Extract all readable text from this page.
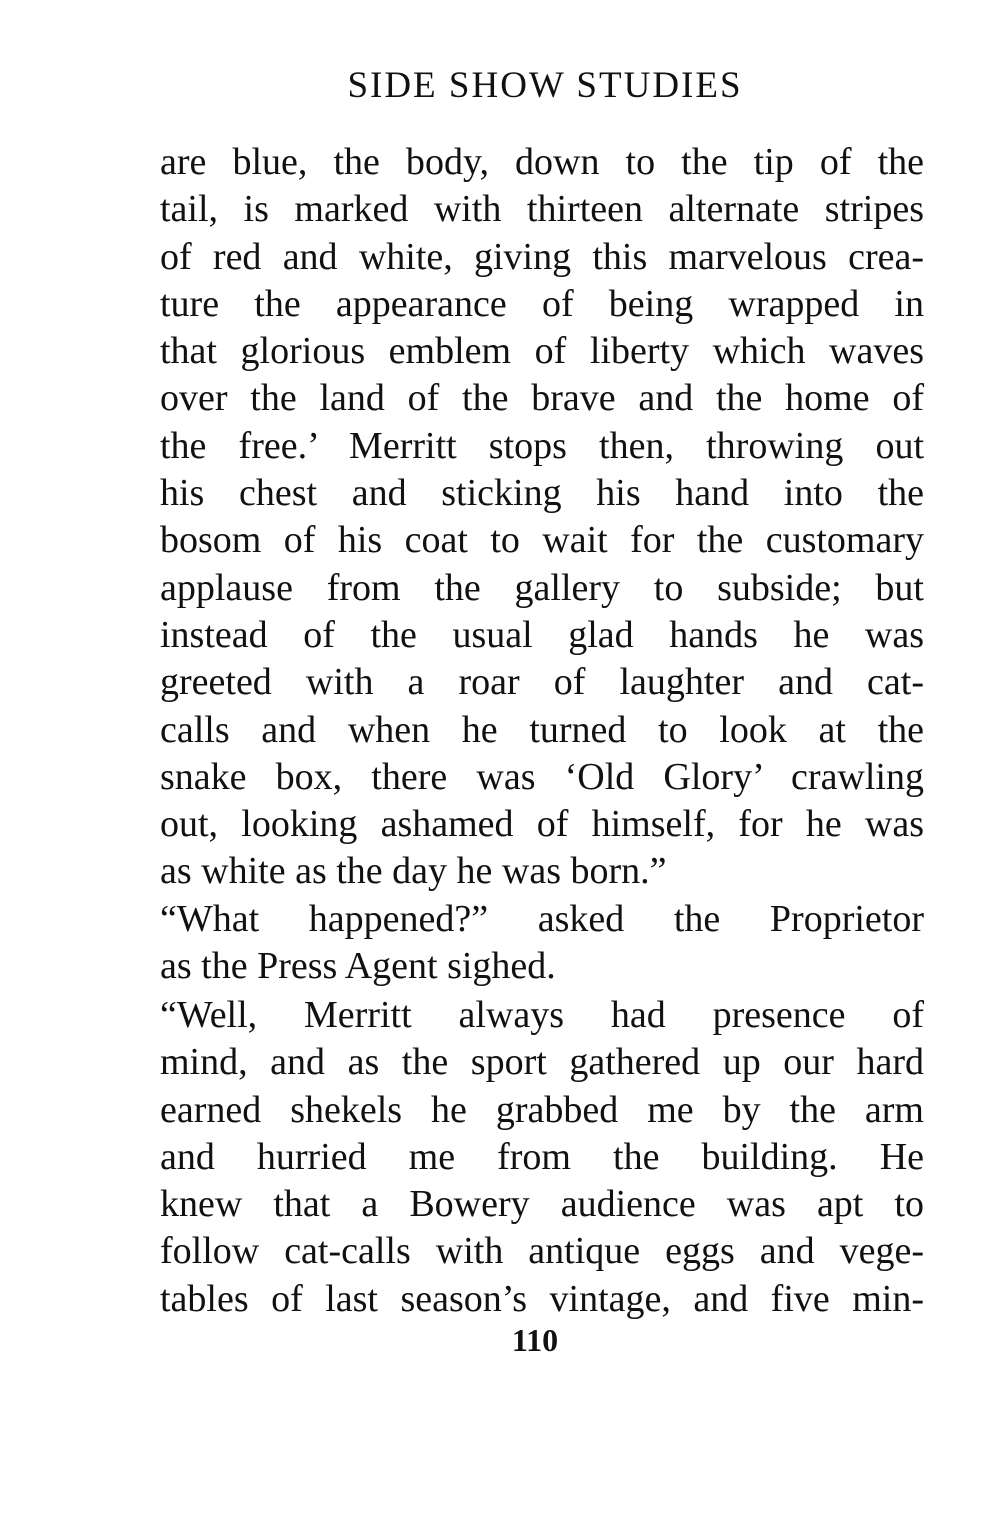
SIDE SHOW STUDIES
are blue, the body, down to the tip of the
tail, is marked with thirteen alternate stripes
of red and white, giving this marvelous crea-
ture the appearance of being wrapped in
that glorious emblem of liberty which waves
over the land of the brave and the home of
the free.’ Merritt stops then, throwing out
his chest and sticking his hand into the
bosom of his coat to wait for the customary
applause from the gallery to subside; but
instead of the usual glad hands he was
greeted with a roar of laughter and cat-
calls and when he turned to look at the
snake box, there was ‘Old Glory’ crawling
out, looking ashamed of himself, for he was
as white as the day he was born.”
“What happened?” asked the Proprietor
as the Press Agent sighed.
“Well, Merritt always had presence of
mind, and as the sport gathered up our hard
earned shekels he grabbed me by the arm
and hurried me from the building. He
knew that a Bowery audience was apt to
follow cat-calls with antique eggs and vege-
tables of last season’s vintage, and five min-
110
